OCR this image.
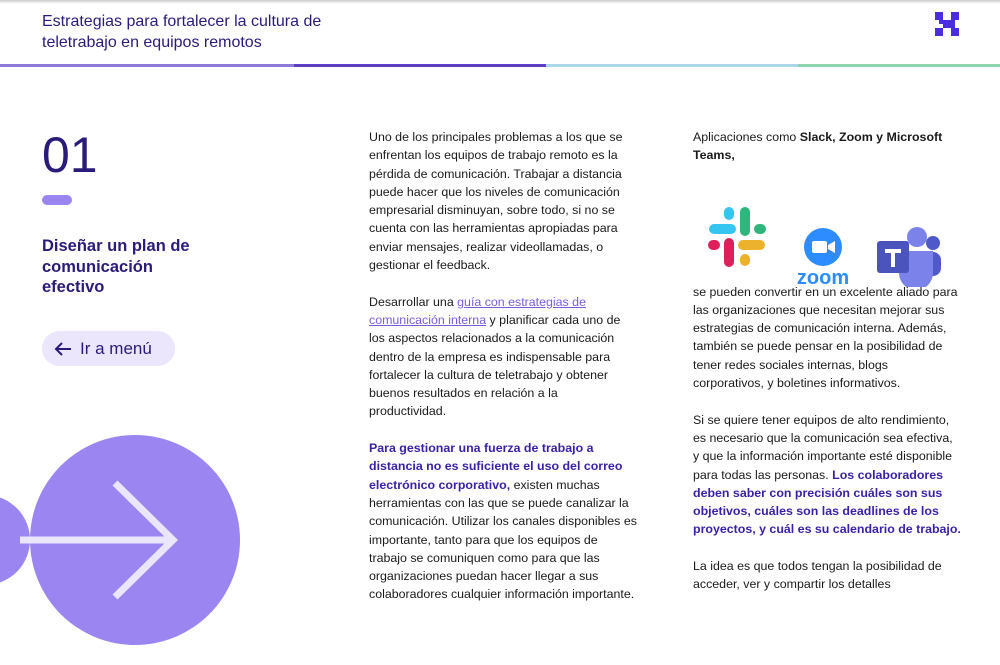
Estrategias para fortalecer la cultura de
teletrabajo en equipos remotos
01
Diseñar un plan de comunicación efectivo
Ir a menú

Uno de los principales problemas a los que se enfrentan los equipos de trabajo remoto es la pérdida de comunicación. Trabajar a distancia puede hacer que los niveles de comunicación empresarial disminuyan, sobre todo, si no se cuenta con las herramientas apropiadas para enviar mensajes, realizar videollamadas, o gestionar el feedback.

Desarrollar una guía con estrategias de comunicación interna y planificar cada uno de los aspectos relacionados a la comunicación dentro de la empresa es indispensable para fortalecer la cultura de teletrabajo y obtener buenos resultados en relación a la productividad.

Para gestionar una fuerza de trabajo a distancia no es suficiente el uso del correo electrónico corporativo, existen muchas herramientas con las que se puede canalizar la comunicación. Utilizar los canales disponibles es importante, tanto para que los equipos de trabajo se comuniquen como para que las organizaciones puedan hacer llegar a sus colaboradores cualquier información importante.

Aplicaciones como Slack, Zoom y Microsoft Teams,

zoom

se pueden convertir en un excelente aliado para las organizaciones que necesitan mejorar sus estrategias de comunicación interna. Además, también se puede pensar en la posibilidad de tener redes sociales internas, blogs corporativos, y boletines informativos.

Si se quiere tener equipos de alto rendimiento, es necesario que la comunicación sea efectiva, y que la información importante esté disponible para todas las personas. Los colaboradores deben saber con precisión cuáles son sus objetivos, cuáles son las deadlines de los proyectos, y cuál es su calendario de trabajo.

La idea es que todos tengan la posibilidad de acceder, ver y compartir los detalles
